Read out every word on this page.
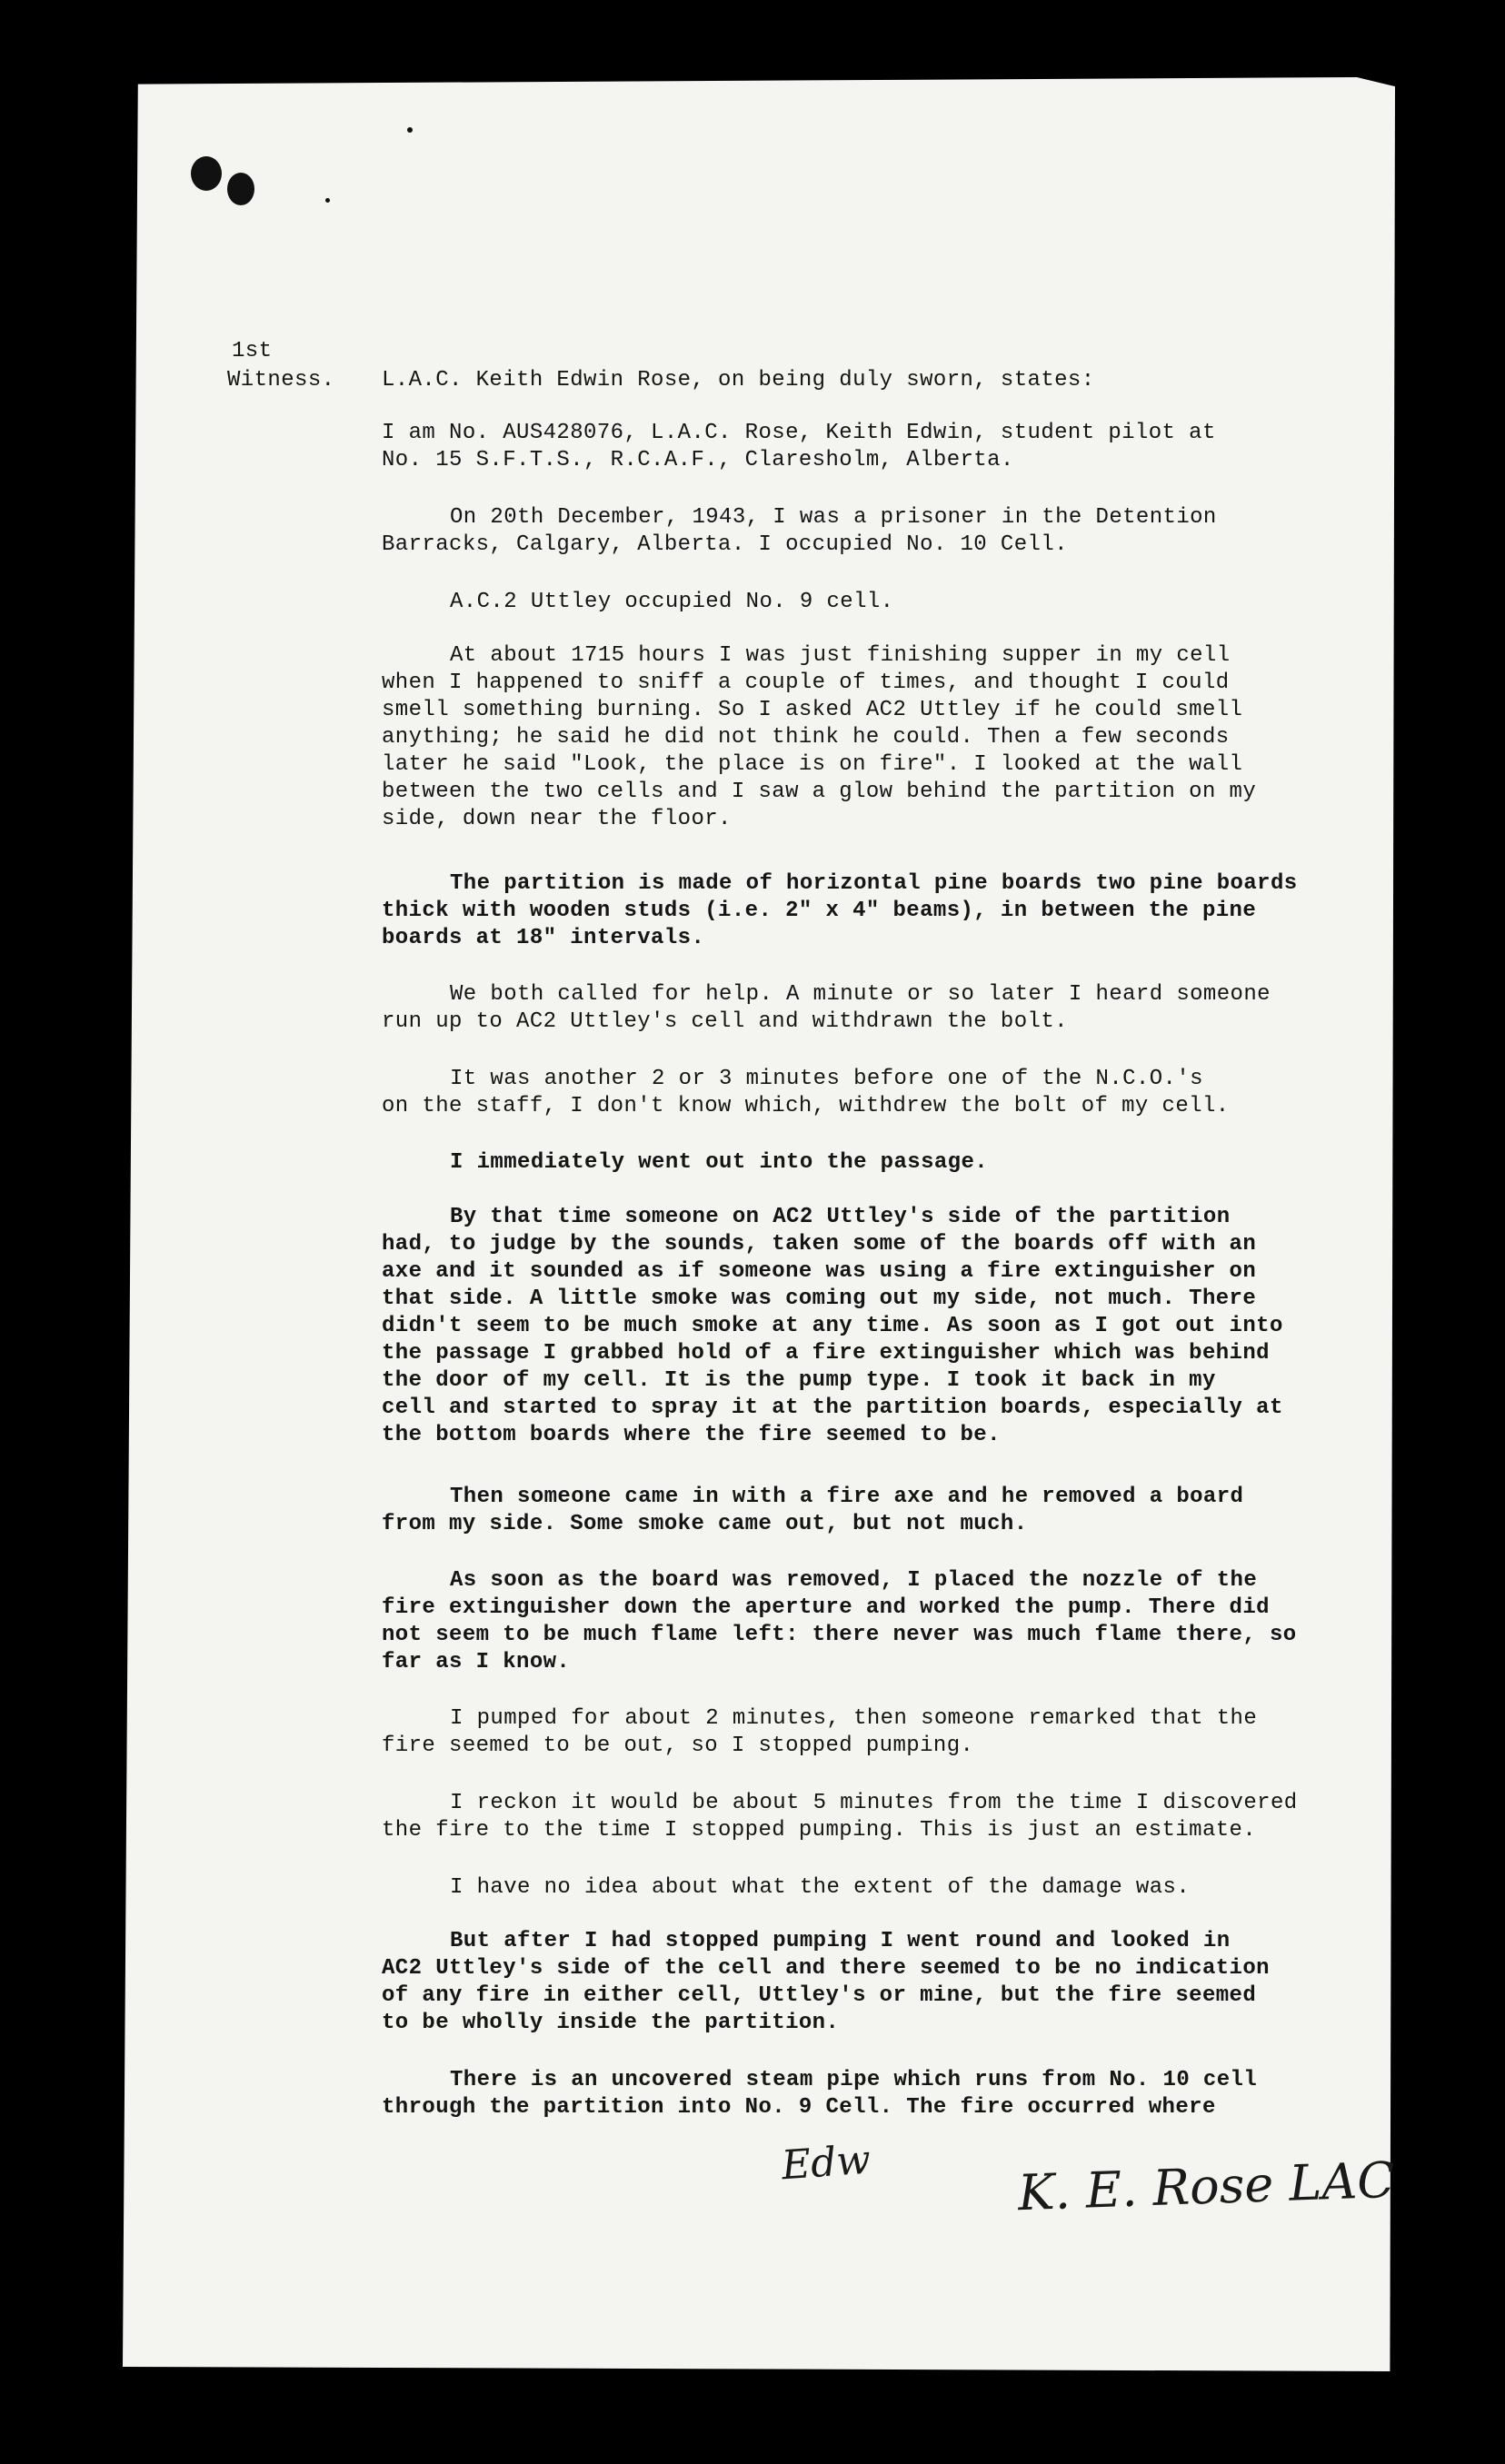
1st
Witness. L.A.C. Keith Edwin Rose, on being duly sworn, states:
I am No. AUS428076, L.A.C. Rose, Keith Edwin, student pilot at
No. 15 S.F.T.S., R.C.A.F., Claresholm, Alberta.
On 20th December, 1943, I was a prisoner in the Detention
Barracks, Calgary, Alberta. I occupied No. 10 Cell.
A.C.2 Uttley occupied No. 9 cell.
At about 1715 hours I was just finishing supper in my cell
when I happened to sniff a couple of times, and thought I could
smell something burning. So I asked AC2 Uttley if he could smell
anything; he said he did not think he could. Then a few seconds
later he said "Look, the place is on fire". I looked at the wall
between the two cells and I saw a glow behind the partition on my
side, down near the floor.
The partition is made of horizontal pine boards two pine boards
thick with wooden studs (i.e. 2" x 4" beams), in between the pine
boards at 18" intervals.
We both called for help. A minute or so later I heard someone
run up to AC2 Uttley's cell and withdrawn the bolt.
It was another 2 or 3 minutes before one of the N.C.O.'s
on the staff, I don't know which, withdrew the bolt of my cell.
I immediately went out into the passage.
By that time someone on AC2 Uttley's side of the partition
had, to judge by the sounds, taken some of the boards off with an
axe and it sounded as if someone was using a fire extinguisher on
that side. A little smoke was coming out my side, not much. There
didn't seem to be much smoke at any time. As soon as I got out into
the passage I grabbed hold of a fire extinguisher which was behind
the door of my cell. It is the pump type. I took it back in my
cell and started to spray it at the partition boards, especially at
the bottom boards where the fire seemed to be.
Then someone came in with a fire axe and he removed a board
from my side. Some smoke came out, but not much.
As soon as the board was removed, I placed the nozzle of the
fire extinguisher down the aperture and worked the pump. There did
not seem to be much flame left: there never was much flame there, so
far as I know.
I pumped for about 2 minutes, then someone remarked that the
fire seemed to be out, so I stopped pumping.
I reckon it would be about 5 minutes from the time I discovered
the fire to the time I stopped pumping. This is just an estimate.
I have no idea about what the extent of the damage was.
But after I had stopped pumping I went round and looked in
AC2 Uttley's side of the cell and there seemed to be no indication
of any fire in either cell, Uttley's or mine, but the fire seemed
to be wholly inside the partition.
There is an uncovered steam pipe which runs from No. 10 cell
through the partition into No. 9 Cell. The fire occurred where
Edw	K. E. Rose LAC
